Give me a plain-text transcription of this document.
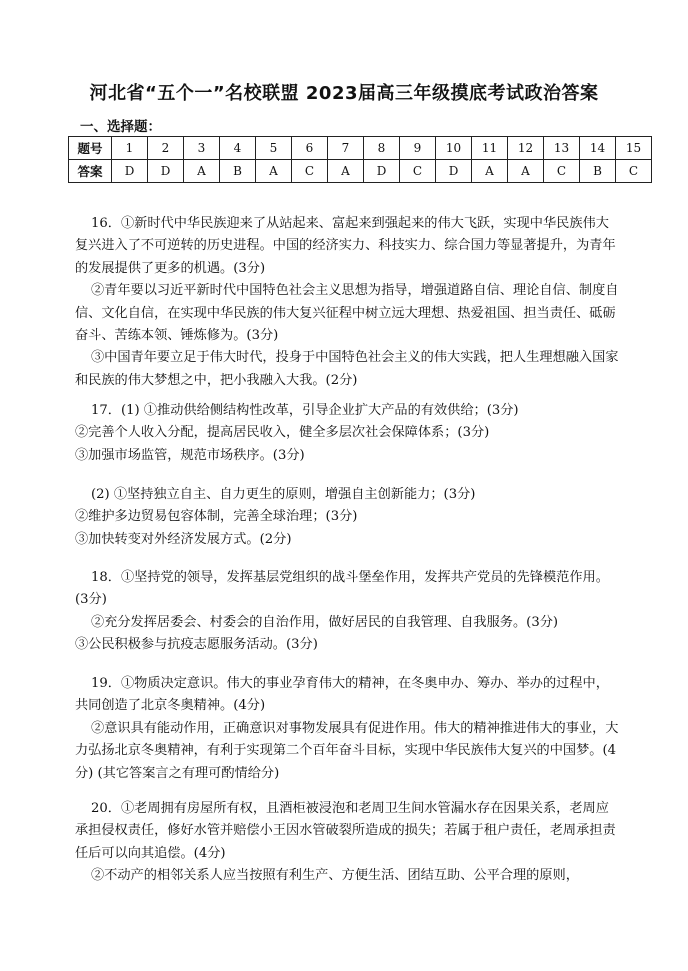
河北省“五个一”名校联盟 2023届高三年级摸底考试政治答案
一、选择题：
题号	1	2	3	4	5	6	7	8	9	10	11	12	13	14	15
答案	D	D	A	B	A	C	A	D	C	D	A	A	C	B	C

16．①新时代中华民族迎来了从站起来、富起来到强起来的伟大飞跃，实现中华民族伟大复兴进入了不可逆转的历史进程。中国的经济实力、科技实力、综合国力等显著提升，为青年的发展提供了更多的机遇。(3分)

②青年要以习近平新时代中国特色社会主义思想为指导，增强道路自信、理论自信、制度自信、文化自信，在实现中华民族的伟大复兴征程中树立远大理想、热爱祖国、担当责任、砥砺奋斗、苦练本领、锤炼修为。(3分)

③中国青年要立足于伟大时代，投身于中国特色社会主义的伟大实践，把人生理想融入国家和民族的伟大梦想之中，把小我融入大我。(2分)

17．(1) ①推动供给侧结构性改革，引导企业扩大产品的有效供给；(3分)

②完善个人收入分配，提高居民收入，健全多层次社会保障体系；(3分)

③加强市场监管，规范市场秩序。(3分)

(2) ①坚持独立自主、自力更生的原则，增强自主创新能力；(3分)

②维护多边贸易包容体制，完善全球治理；(3分)

③加快转变对外经济发展方式。(2分)

18．①坚持党的领导，发挥基层党组织的战斗堡垒作用，发挥共产党员的先锋模范作用。(3分)

②充分发挥居委会、村委会的自治作用，做好居民的自我管理、自我服务。(3分)

③公民积极参与抗疫志愿服务活动。(3分)

19．①物质决定意识。伟大的事业孕育伟大的精神，在冬奥申办、筹办、举办的过程中，共同创造了北京冬奥精神。(4分)

②意识具有能动作用，正确意识对事物发展具有促进作用。伟大的精神推进伟大的事业，大力弘扬北京冬奥精神，有利于实现第二个百年奋斗目标，实现中华民族伟大复兴的中国梦。(4分) (其它答案言之有理可酌情给分)

20．①老周拥有房屋所有权，且酒柜被浸泡和老周卫生间水管漏水存在因果关系，老周应承担侵权责任，修好水管并赔偿小王因水管破裂所造成的损失；若属于租户责任，老周承担责任后可以向其追偿。(4分)

②不动产的相邻关系人应当按照有利生产、方便生活、团结互助、公平合理的原则，
